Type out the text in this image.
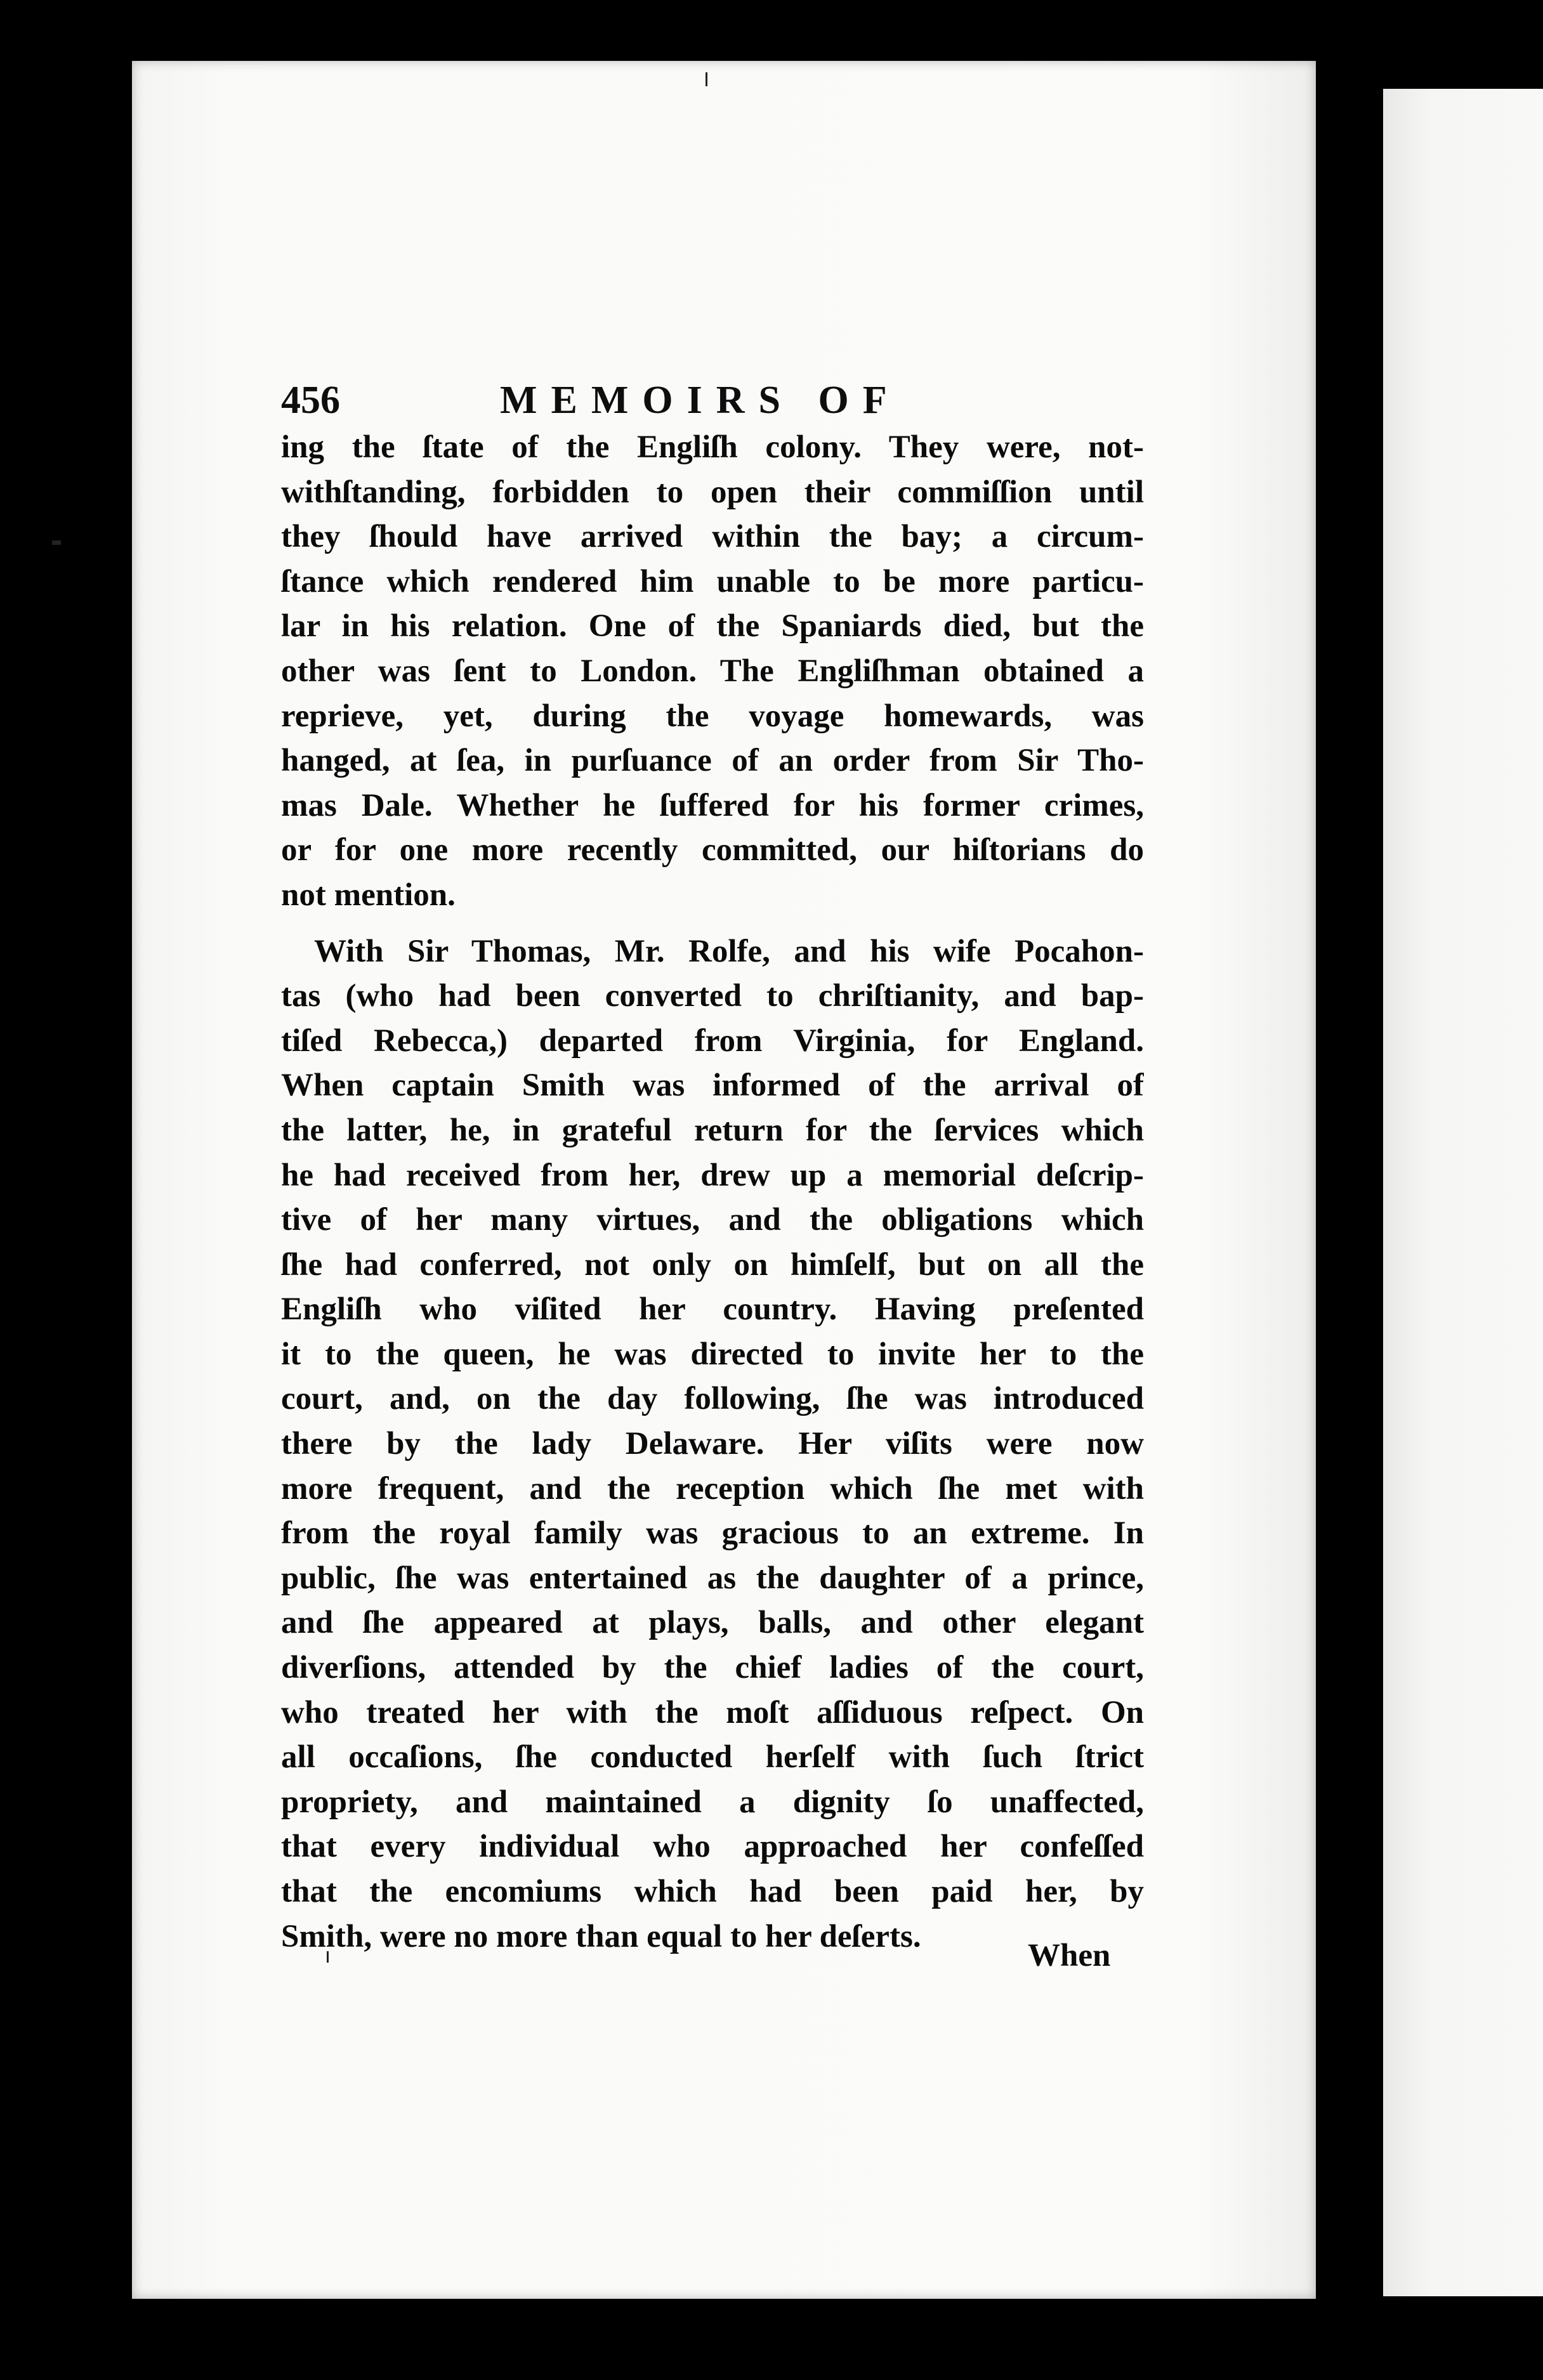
456	MEMOIRS OF
ing the ſtate of the Engliſh colony. They were, not-
withſtanding, forbidden to open their commiſſion until
they ſhould have arrived within the bay; a circum-
ſtance which rendered him unable to be more particu-
lar in his relation. One of the Spaniards died, but the
other was ſent to London. The Engliſhman obtained a
reprieve, yet, during the voyage homewards, was
hanged, at ſea, in purſuance of an order from Sir Tho-
mas Dale. Whether he ſuffered for his former crimes,
or for one more recently committed, our hiſtorians do
not mention.
With Sir Thomas, Mr. Rolfe, and his wife Pocahon-
tas (who had been converted to chriſtianity, and bap-
tiſed Rebecca,) departed from Virginia, for England.
When captain Smith was informed of the arrival of
the latter, he, in grateful return for the ſervices which
he had received from her, drew up a memorial deſcrip-
tive of her many virtues, and the obligations which
ſhe had conferred, not only on himſelf, but on all the
Engliſh who viſited her country. Having preſented
it to the queen, he was directed to invite her to the
court, and, on the day following, ſhe was introduced
there by the lady Delaware. Her viſits were now
more frequent, and the reception which ſhe met with
from the royal family was gracious to an extreme. In
public, ſhe was entertained as the daughter of a prince,
and ſhe appeared at plays, balls, and other elegant
diverſions, attended by the chief ladies of the court,
who treated her with the moſt aſſiduous reſpect. On
all occaſions, ſhe conducted herſelf with ſuch ſtrict
propriety, and maintained a dignity ſo unaffected,
that every individual who approached her confeſſed
that the encomiums which had been paid her, by
Smith, were no more than equal to her deſerts.
When
